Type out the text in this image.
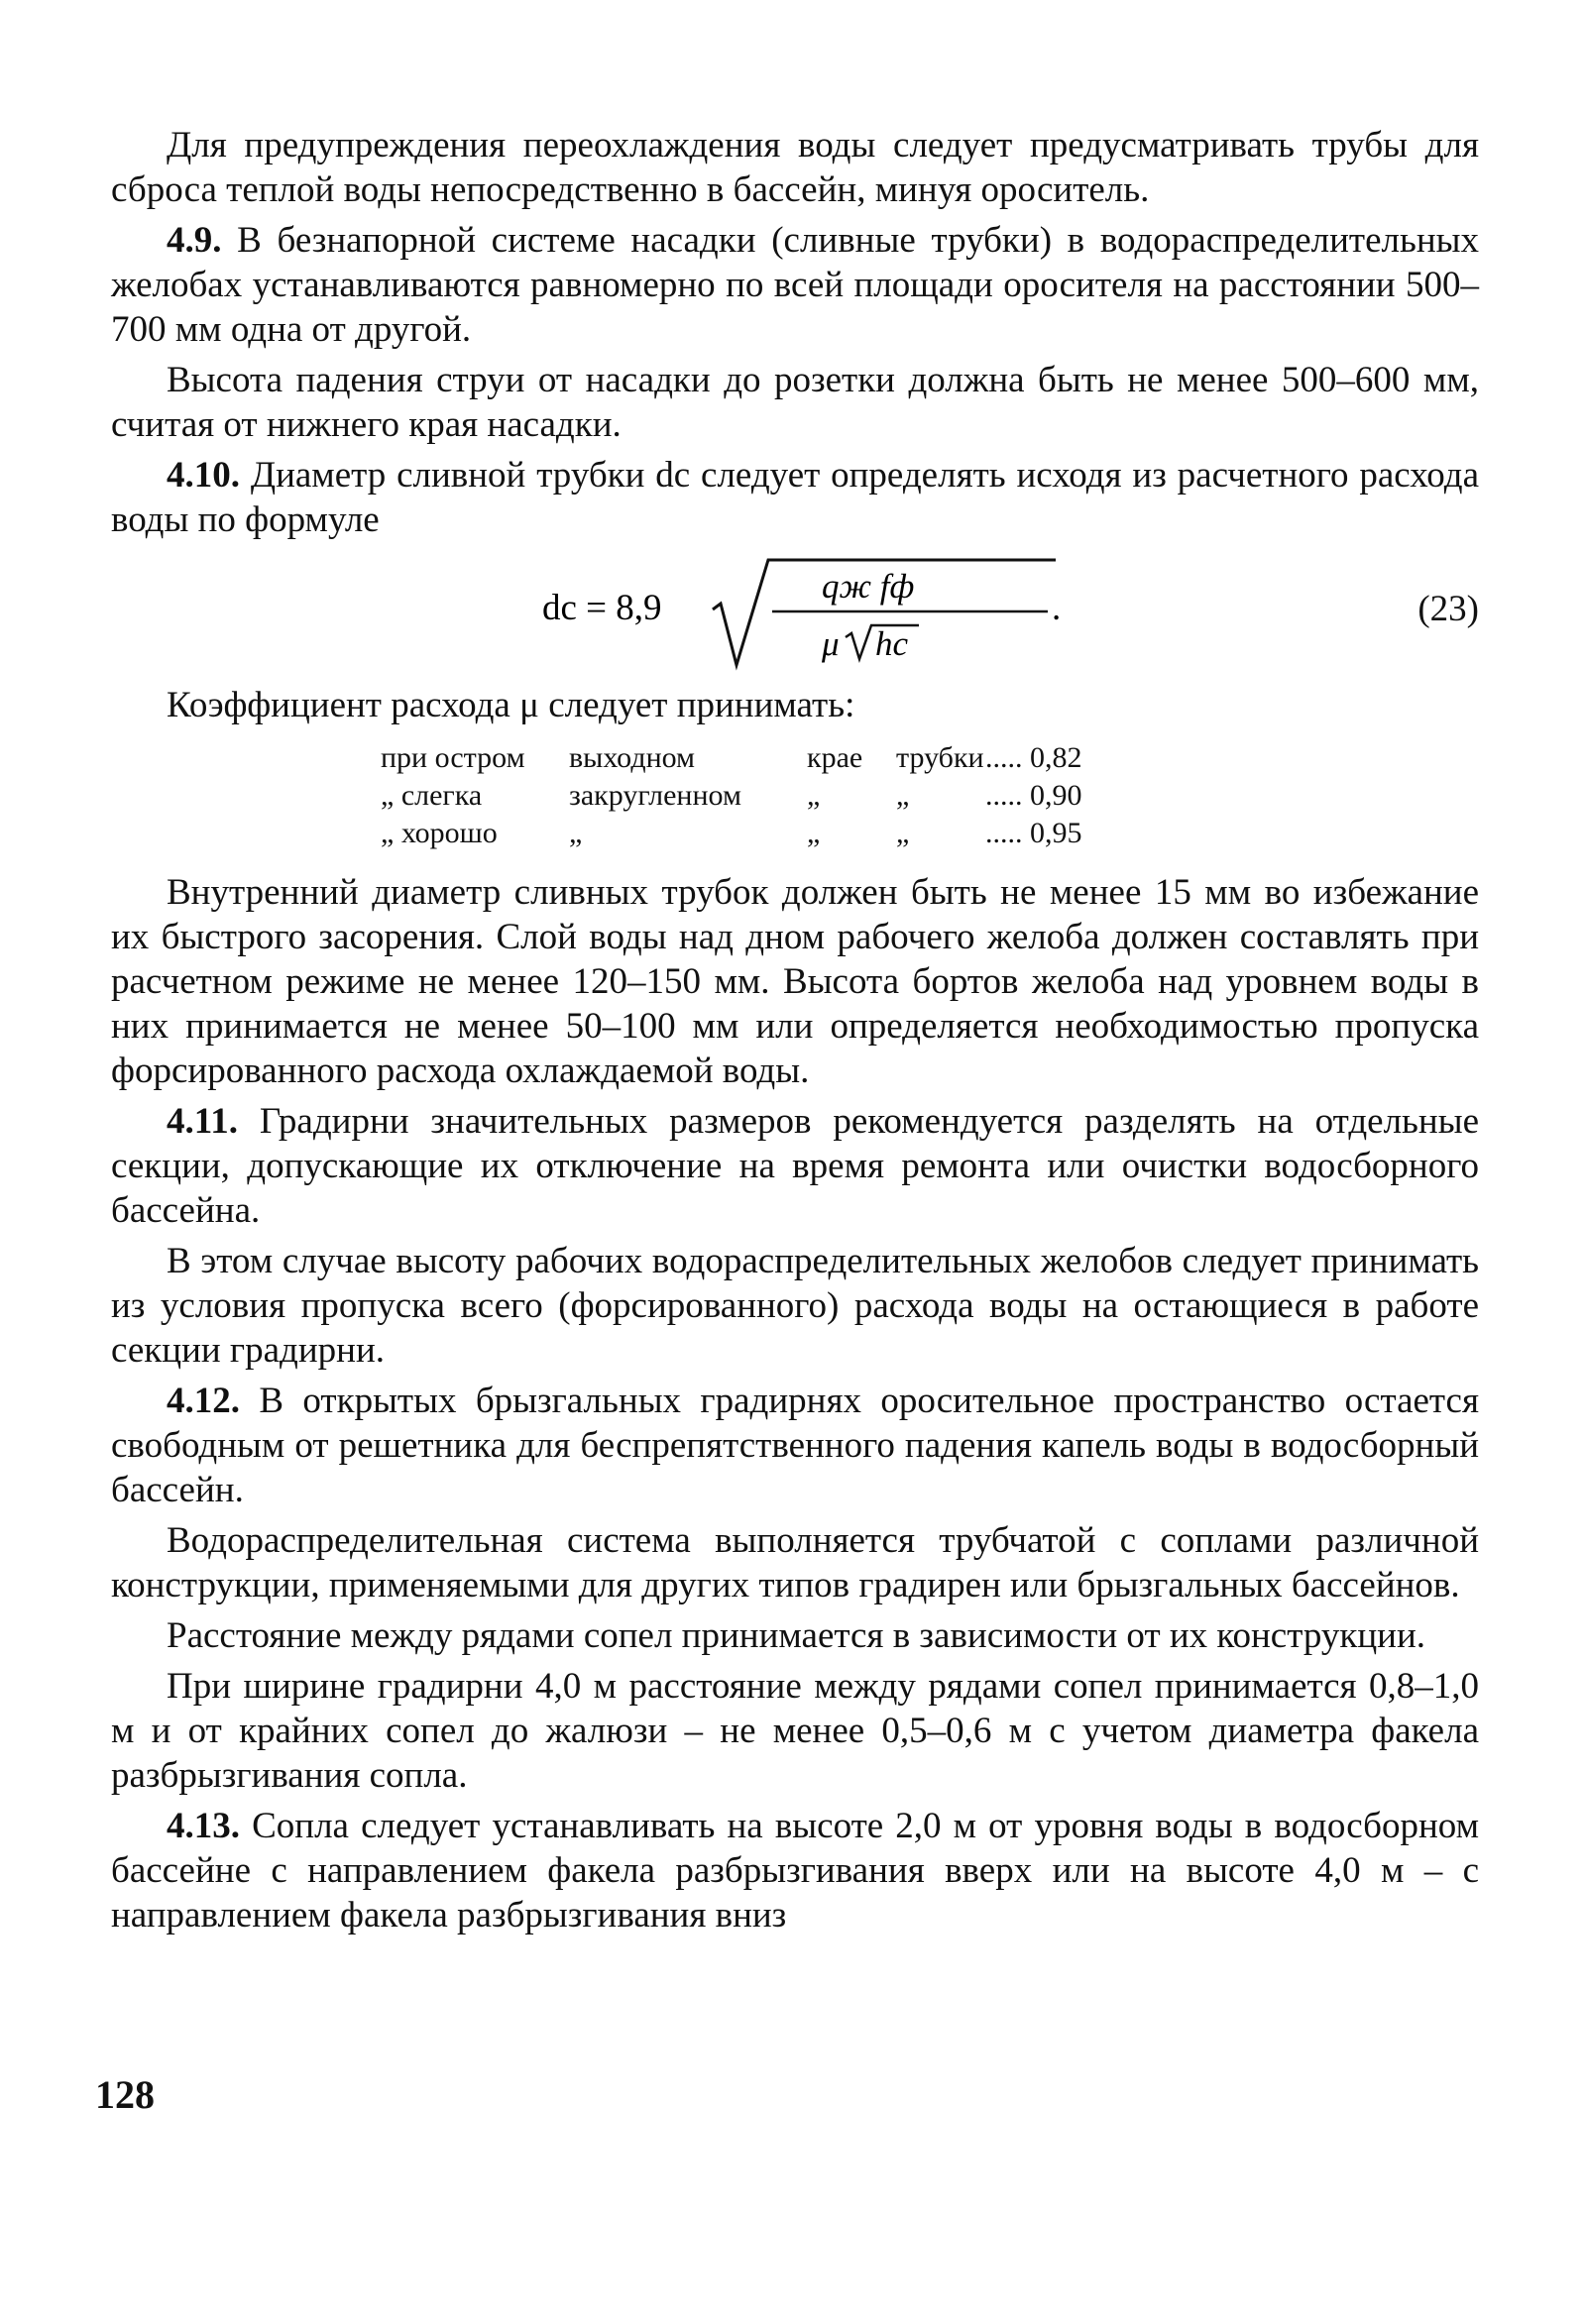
Для предупреждения переохлаждения воды следует предусматривать трубы для сброса теплой воды непосредственно в бассейн, минуя ороситель.

4.9. В безнапорной системе насадки (сливные трубки) в водораспределительных желобах устанавливаются равномерно по всей площади оросителя на расстоянии 500–700 мм одна от другой.

Высота падения струи от насадки до розетки должна быть не менее 500–600 мм, считая от нижнего края насадки.

4.10. Диаметр сливной трубки dс следует определять исходя из расчетного расхода воды по формуле

dс = 8,9
qж fф
μ hс
.	(23)

Коэффициент расхода μ следует принимать:

при остром	выходном	крае	трубки	..... 0,82
„ слегка	закругленном	„	„	..... 0,90
„ хорошо	„	„	„	..... 0,95

Внутренний диаметр сливных трубок должен быть не менее 15 мм во избежание их быстрого засорения. Слой воды над дном рабочего желоба должен составлять при расчетном режиме не менее 120–150 мм. Высота бортов желоба над уровнем воды в них принимается не менее 50–100 мм или определяется необходимостью пропуска форсированного расхода охлаждаемой воды.

4.11. Градирни значительных размеров рекомендуется разделять на отдельные секции, допускающие их отключение на время ремонта или очистки водосборного бассейна.

В этом случае высоту рабочих водораспределительных желобов следует принимать из условия пропуска всего (форсированного) расхода воды на остающиеся в работе секции градирни.

4.12. В открытых брызгальных градирнях оросительное пространство остается свободным от решетника для беспрепятственного падения капель воды в водосборный бассейн.

Водораспределительная система выполняется трубчатой с соплами различной конструкции, применяемыми для других типов градирен или брызгальных бассейнов.

Расстояние между рядами сопел принимается в зависимости от их конструкции.

При ширине градирни 4,0 м расстояние между рядами сопел принимается 0,8–1,0 м и от крайних сопел до жалюзи – не менее 0,5–0,6 м с учетом диаметра факела разбрызгивания сопла.

4.13. Сопла следует устанавливать на высоте 2,0 м от уровня воды в водосборном бассейне с направлением факела разбрызгивания вверх или на высоте 4,0 м – с направлением факела разбрызгивания вниз

128
